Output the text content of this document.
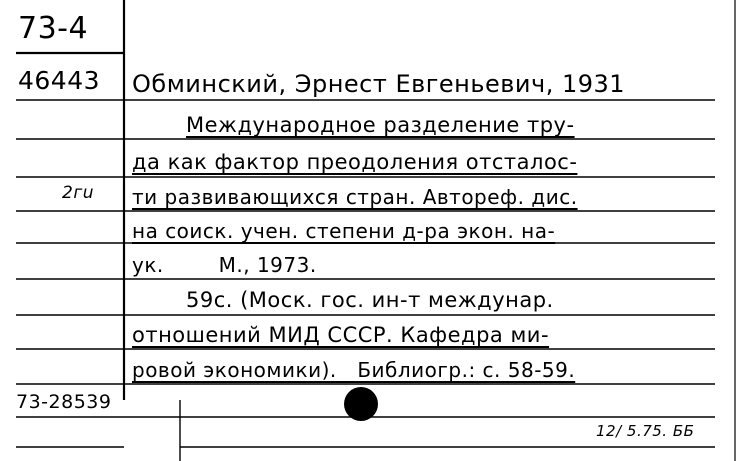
73-4
46443
2гu
73-28539
Обминский, Эрнест Евгеньевич, 1931
Международное разделение тру-
да как фактор преодоления отсталос-
ти развивающихся стран. Автореф. дис.
на соиск. учен. степени д-ра экон. на-
ук.        М., 1973.
59с. (Моск. гос. ин-т междунар.
отношений МИД СССР. Кафедра ми-
ровой экономики).   Библиогр.: с. 58-59.
12/ 5.75. ББ
